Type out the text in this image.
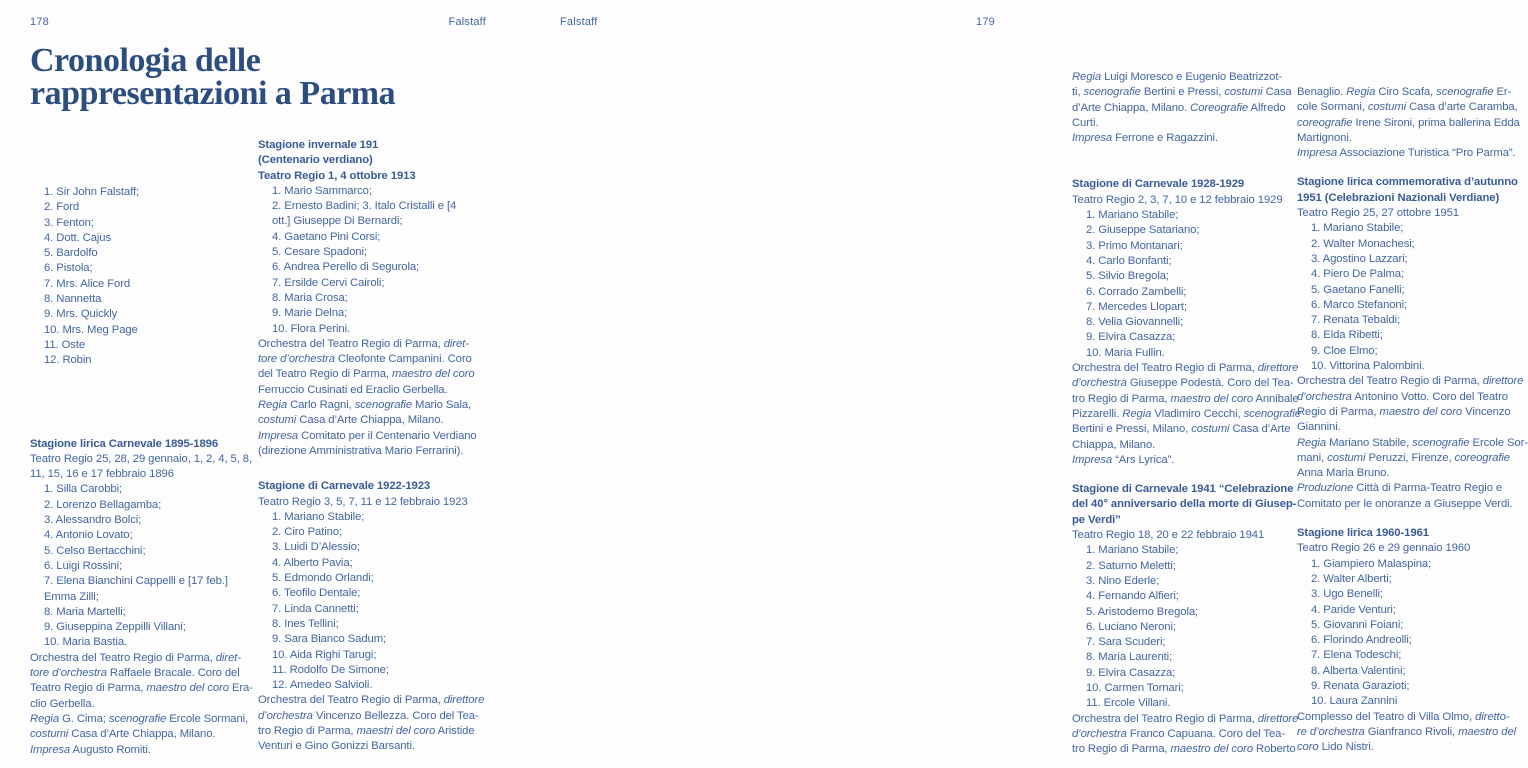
178	Falstaff
Cronologia delle
rappresentazioni a Parma
1. Sir John Falstaff;
2. Ford
3. Fenton;
4. Dott. Cajus
5. Bardolfo
6. Pistola;
7. Mrs. Alice Ford
8. Nannetta
9. Mrs. Quickly
10. Mrs. Meg Page
11. Oste
12. Robin
Stagione lirica Carnevale 1895-1896
Teatro Regio 25, 28, 29 gennaio, 1, 2, 4, 5, 8,
11, 15, 16 e 17 febbraio 1896
1. Silla Carobbi;
2. Lorenzo Bellagamba;
3. Alessandro Bolci;
4. Antonio Lovato;
5. Celso Bertacchini;
6. Luigi Rossini;
7. Elena Bianchini Cappelli e [17 feb.]
Emma Zilli;
8. Maria Martelli;
9. Giuseppina Zeppilli Villani;
10. Maria Bastia.
Orchestra del Teatro Regio di Parma, diret-
tore d’orchestra Raffaele Bracale. Coro del
Teatro Regio di Parma, maestro del coro Era-
clio Gerbella.
Regia G. Cima; scenografie Ercole Sormani,
costumi Casa d’Arte Chiappa, Milano.
Impresa Augusto Romiti.
Stagione invernale 191
(Centenario verdiano)
Teatro Regio 1, 4 ottobre 1913
1. Mario Sammarco;
2. Ernesto Badini; 3. Italo Cristalli e [4
ott.] Giuseppe Di Bernardi;
4. Gaetano Pini Corsi;
5. Cesare Spadoni;
6. Andrea Perello di Segurola;
7. Ersilde Cervi Cairoli;
8. Maria Crosa;
9. Marie Delna;
10. Flora Perini.
Orchestra del Teatro Regio di Parma, diret-
tore d’orchestra Cleofonte Campanini. Coro
del Teatro Regio di Parma, maestro del coro
Ferruccio Cusinati ed Eraclio Gerbella.
Regia Carlo Ragni, scenografie Mario Sala,
costumi Casa d’Arte Chiappa, Milano.
Impresa Comitato per il Centenario Verdiano
(direzione Amministrativa Mario Ferrarini).
Stagione di Carnevale 1922-1923
Teatro Regio 3, 5, 7, 11 e 12 febbraio 1923
1. Mariano Stabile;
2. Ciro Patino;
3. Luidi D’Alessio;
4. Alberto Pavia;
5. Edmondo Orlandi;
6. Teofilo Dentale;
7. Linda Cannetti;
8. Ines Tellini;
9. Sara Bianco Sadum;
10. Aida Righi Tarugi;
11. Rodolfo De Simone;
12. Amedeo Salvioli.
Orchestra del Teatro Regio di Parma, direttore
d’orchestra Vincenzo Bellezza. Coro del Tea-
tro Regio di Parma, maestri del coro Aristide
Venturi e Gino Gonizzi Barsanti.
Falstaff	179
Regia Luigi Moresco e Eugenio Beatrizzot-
ti, scenografie Bertini e Pressi, costumi Casa
d’Arte Chiappa, Milano. Coreografie Alfredo
Curti.
Impresa Ferrone e Ragazzini.
Stagione di Carnevale 1928-1929
Teatro Regio 2, 3, 7, 10 e 12 febbraio 1929
1. Mariano Stabile;
2. Giuseppe Satariano;
3. Primo Montanari;
4. Carlo Bonfanti;
5. Silvio Bregola;
6. Corrado Zambelli;
7. Mercedes Llopart;
8. Velia Giovannelli;
9. Elvira Casazza;
10. Maria Fullin.
Orchestra del Teatro Regio di Parma, direttore
d’orchestra Giuseppe Podestà. Coro del Tea-
tro Regio di Parma, maestro del coro Annibale
Pizzarelli. Regia Vladimiro Cecchi, scenografie
Bertini e Pressi, Milano, costumi Casa d’Arte
Chiappa, Milano.
Impresa “Ars Lyrica”.
Stagione di Carnevale 1941 “Celebrazione
del 40° anniversario della morte di Giusep-
pe Verdi”
Teatro Regio 18, 20 e 22 febbraio 1941
1. Mariano Stabile;
2. Saturno Meletti;
3. Nino Ederle;
4. Fernando Alfieri;
5. Aristodemo Bregola;
6. Luciano Neroni;
7. Sara Scuderi;
8. Maria Laurenti;
9. Elvira Casazza;
10. Carmen Tornari;
11. Ercole Villani.
Orchestra del Teatro Regio di Parma, direttore
d’orchestra Franco Capuana. Coro del Tea-
tro Regio di Parma, maestro del coro Roberto
Benaglio. Regia Ciro Scafa, scenografie Er-
cole Sormani, costumi Casa d’arte Caramba,
coreografie Irene Sironi, prima ballerina Edda
Martignoni.
Impresa Associazione Turistica “Pro Parma”.
Stagione lirica commemorativa d’autunno
1951 (Celebrazioni Nazionali Verdiane)
Teatro Regio 25, 27 ottobre 1951
1. Mariano Stabile;
2. Walter Monachesi;
3. Agostino Lazzari;
4. Piero De Palma;
5. Gaetano Fanelli;
6. Marco Stefanoni;
7. Renata Tebaldi;
8. Elda Ribetti;
9. Cloe Elmo;
10. Vittorina Palombini.
Orchestra del Teatro Regio di Parma, direttore
d’orchestra Antonino Votto. Coro del Teatro
Regio di Parma, maestro del coro Vincenzo
Giannini.
Regia Mariano Stabile, scenografie Ercole Sor-
mani, costumi Peruzzi, Firenze, coreografie
Anna Maria Bruno.
Produzione Città di Parma-Teatro Regio e
Comitato per le onoranze a Giuseppe Verdi.
Stagione lirica 1960-1961
Teatro Regio 26 e 29 gennaio 1960
1. Giampiero Malaspina;
2. Walter Alberti;
3. Ugo Benelli;
4. Paride Venturi;
5. Giovanni Foiani;
6. Florindo Andreolli;
7. Elena Todeschi;
8. Alberta Valentini;
9. Renata Garazioti;
10. Laura Zannini
Complesso del Teatro di Villa Olmo, diretto-
re d’orchestra Gianfranco Rivoli, maestro del
coro Lido Nistri.
